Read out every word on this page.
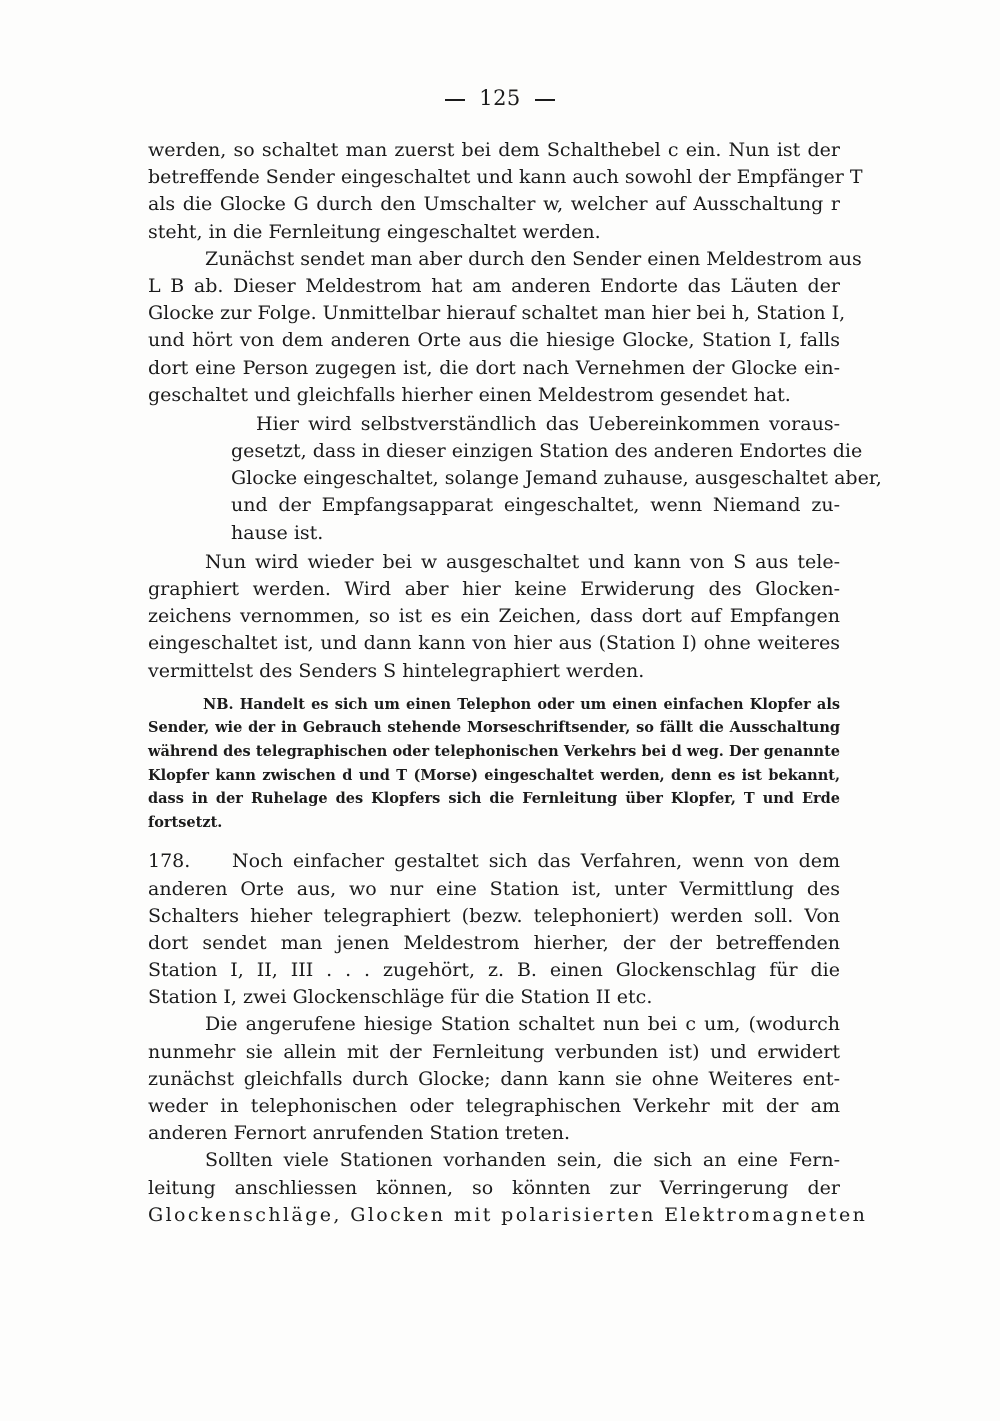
125
werden, so schaltet man zuerst bei dem Schalthebel c ein. Nun ist der
betreffende Sender eingeschaltet und kann auch sowohl der Empfänger T
als die Glocke G durch den Umschalter w, welcher auf Ausschaltung r
steht, in die Fernleitung eingeschaltet werden.
Zunächst sendet man aber durch den Sender einen Meldestrom aus
L B ab. Dieser Meldestrom hat am anderen Endorte das Läuten der
Glocke zur Folge. Unmittelbar hierauf schaltet man hier bei h, Station I,
und hört von dem anderen Orte aus die hiesige Glocke, Station I, falls
dort eine Person zugegen ist, die dort nach Vernehmen der Glocke ein-
geschaltet und gleichfalls hierher einen Meldestrom gesendet hat.
Hier wird selbstverständlich das Uebereinkommen voraus-
gesetzt, dass in dieser einzigen Station des anderen Endortes die
Glocke eingeschaltet, solange Jemand zuhause, ausgeschaltet aber,
und der Empfangsapparat eingeschaltet, wenn Niemand zu-
hause ist.
Nun wird wieder bei w ausgeschaltet und kann von S aus tele-
graphiert werden. Wird aber hier keine Erwiderung des Glocken-
zeichens vernommen, so ist es ein Zeichen, dass dort auf Empfangen
eingeschaltet ist, und dann kann von hier aus (Station I) ohne weiteres
vermittelst des Senders S hintelegraphiert werden.
NB. Handelt es sich um einen Telephon oder um einen einfachen Klopfer als
Sender, wie der in Gebrauch stehende Morseschriftsender, so fällt die Ausschaltung
während des telegraphischen oder telephonischen Verkehrs bei d weg. Der genannte
Klopfer kann zwischen d und T (Morse) eingeschaltet werden, denn es ist bekannt,
dass in der Ruhelage des Klopfers sich die Fernleitung über Klopfer, T und Erde
fortsetzt.
178.	Noch einfacher gestaltet sich das Verfahren, wenn von dem
anderen Orte aus, wo nur eine Station ist, unter Vermittlung des
Schalters hieher telegraphiert (bezw. telephoniert) werden soll. Von
dort sendet man jenen Meldestrom hierher, der der betreffenden
Station I, II, III . . . zugehört, z. B. einen Glockenschlag für die
Station I, zwei Glockenschläge für die Station II etc.
Die angerufene hiesige Station schaltet nun bei c um, (wodurch
nunmehr sie allein mit der Fernleitung verbunden ist) und erwidert
zunächst gleichfalls durch Glocke; dann kann sie ohne Weiteres ent-
weder in telephonischen oder telegraphischen Verkehr mit der am
anderen Fernort anrufenden Station treten.
Sollten viele Stationen vorhanden sein, die sich an eine Fern-
leitung anschliessen können, so könnten zur Verringerung der
Glockenschläge, Glocken mit polarisierten Elektromagneten
